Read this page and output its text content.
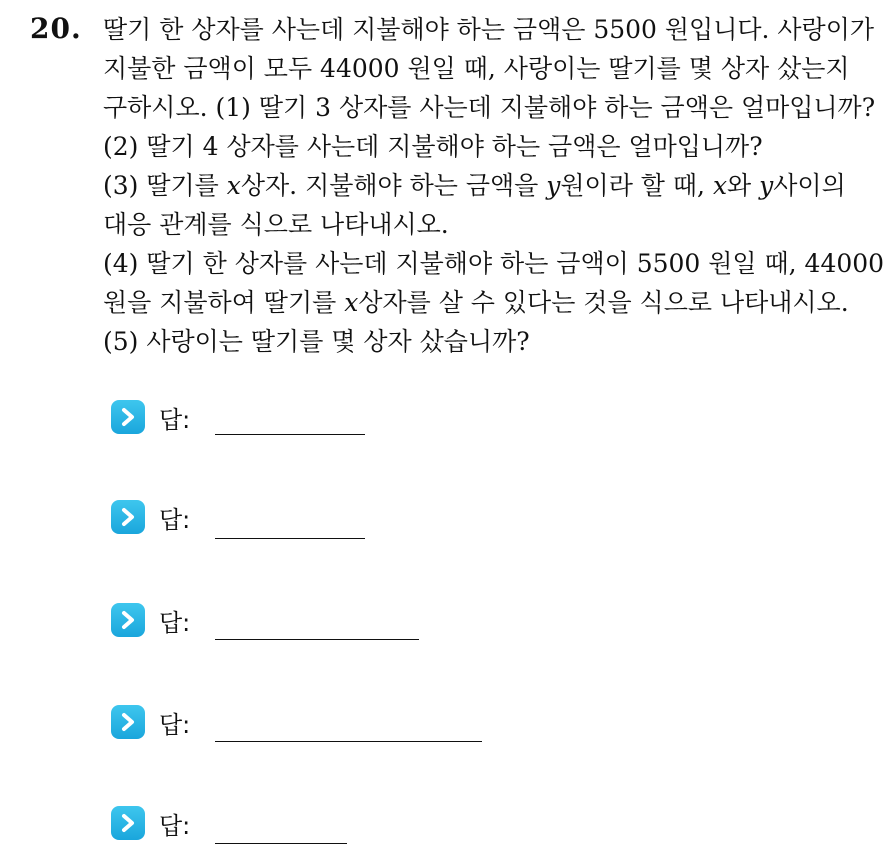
20. 딸기 한 상자를 사는데 지불해야 하는 금액은 5500 원입니다. 사랑이가
지불한 금액이 모두 44000 원일 때, 사랑이는 딸기를 몇 상자 샀는지
구하시오. (1) 딸기 3 상자를 사는데 지불해야 하는 금액은 얼마입니까?
(2) 딸기 4 상자를 사는데 지불해야 하는 금액은 얼마입니까?
(3) 딸기를 x상자. 지불해야 하는 금액을 y원이라 할 때, x와 y사이의
대응 관계를 식으로 나타내시오.
(4) 딸기 한 상자를 사는데 지불해야 하는 금액이 5500 원일 때, 44000
원을 지불하여 딸기를 x상자를 살 수 있다는 것을 식으로 나타내시오.
(5) 사랑이는 딸기를 몇 상자 샀습니까?
답:
답:
답:
답:
답:
